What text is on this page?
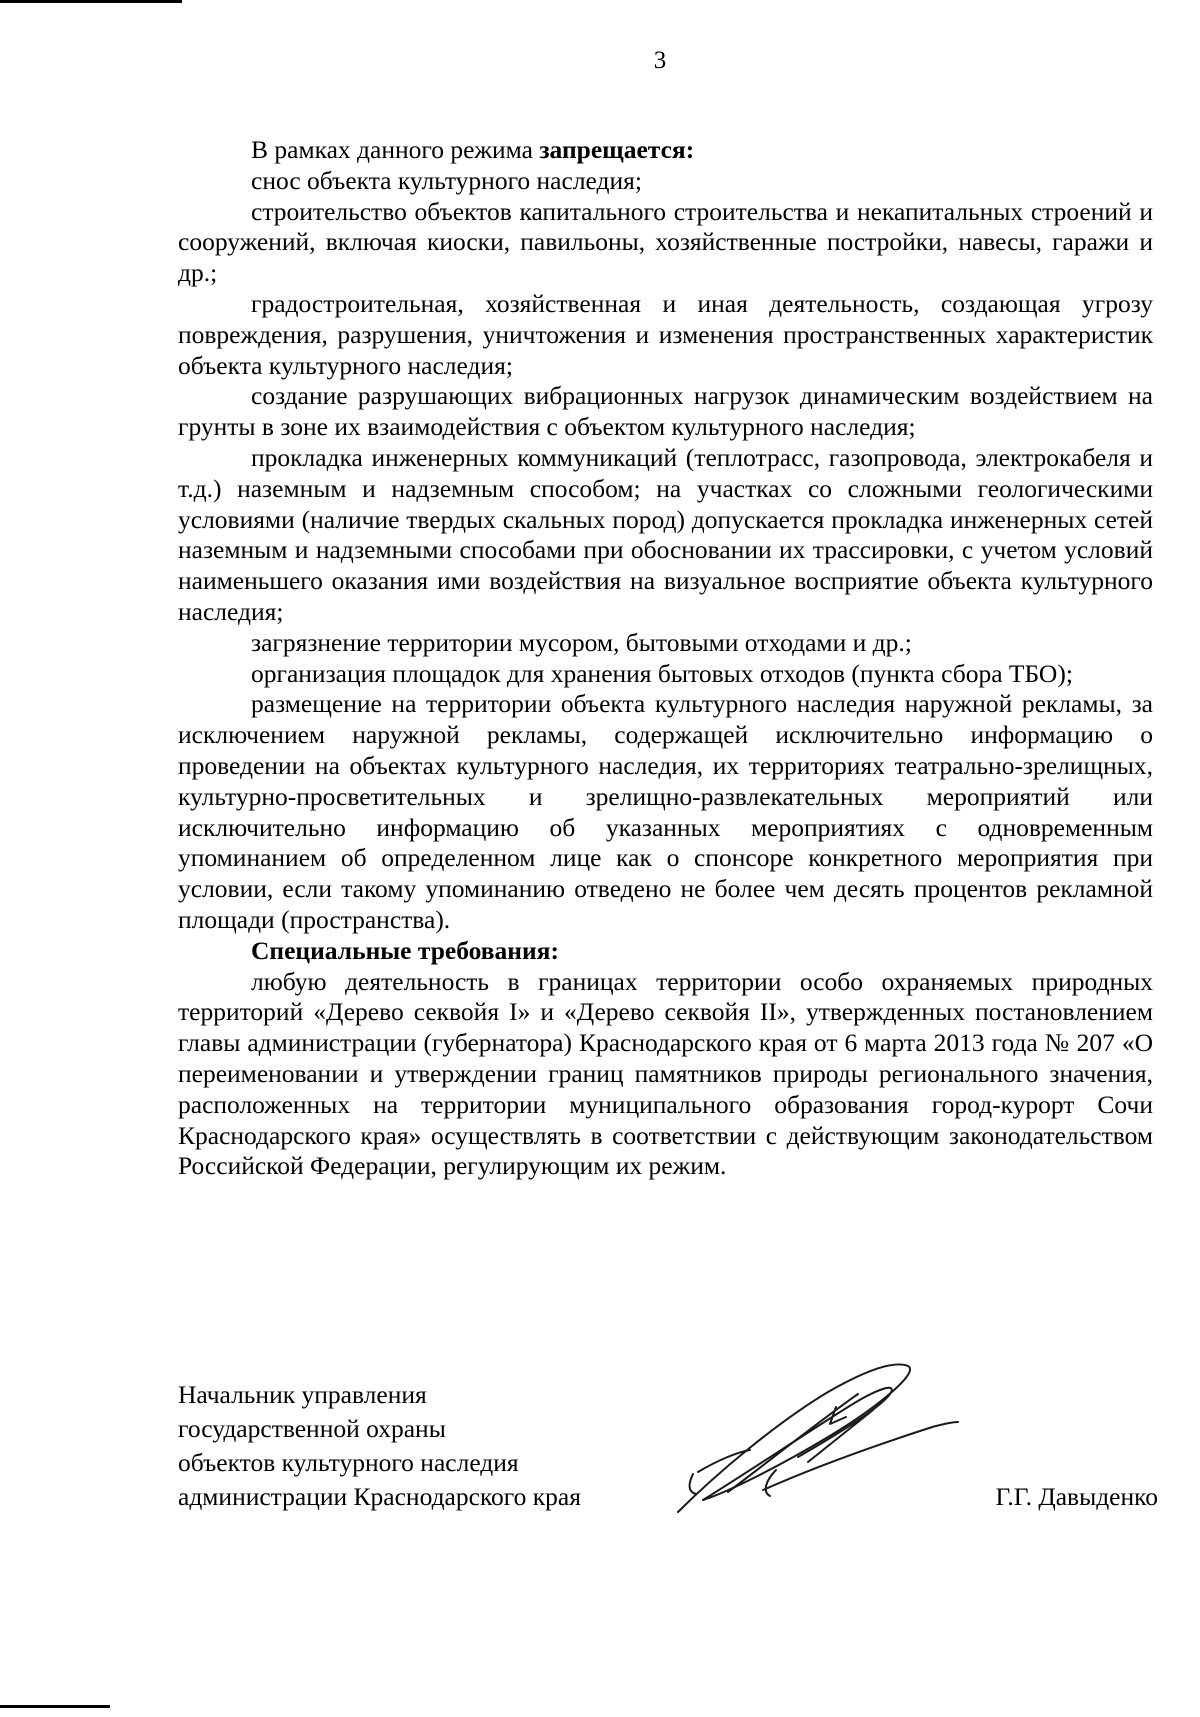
3

В рамках данного режима запрещается:

снос объекта культурного наследия;

строительство объектов капитального строительства и некапитальных строений и сооружений, включая киоски, павильоны, хозяйственные постройки, навесы, гаражи и др.;

градостроительная, хозяйственная и иная деятельность, создающая угрозу повреждения, разрушения, уничтожения и изменения пространственных характеристик объекта культурного наследия;

создание разрушающих вибрационных нагрузок динамическим воздействием на грунты в зоне их взаимодействия с объектом культурного наследия;

прокладка инженерных коммуникаций (теплотрасс, газопровода, электрокабеля и т.д.) наземным и надземным способом; на участках со сложными геологическими условиями (наличие твердых скальных пород) допускается прокладка инженерных сетей наземным и надземными способами при обосновании их трассировки, с учетом условий наименьшего оказания ими воздействия на визуальное восприятие объекта культурного наследия;

загрязнение территории мусором, бытовыми отходами и др.;

организация площадок для хранения бытовых отходов (пункта сбора ТБО);

размещение на территории объекта культурного наследия наружной рекламы, за исключением наружной рекламы, содержащей исключительно информацию о проведении на объектах культурного наследия, их территориях театрально-зрелищных, культурно-просветительных и зрелищно-развлекательных мероприятий или исключительно информацию об указанных мероприятиях с одновременным упоминанием об определенном лице как о спонсоре конкретного мероприятия при условии, если такому упоминанию отведено не более чем десять процентов рекламной площади (пространства).

Специальные требования:

любую деятельность в границах территории особо охраняемых природных территорий «Дерево секвойя I» и «Дерево секвойя II», утвержденных постановлением главы администрации (губернатора) Краснодарского края от 6 марта 2013 года № 207 «О переименовании и утверждении границ памятников природы регионального значения, расположенных на территории муниципального образования город-курорт Сочи Краснодарского края» осуществлять в соответствии с действующим законодательством Российской Федерации, регулирующим их режим.

Начальник управления
государственной охраны
объектов культурного наследия
администрации Краснодарского края	Г.Г. Давыденко
